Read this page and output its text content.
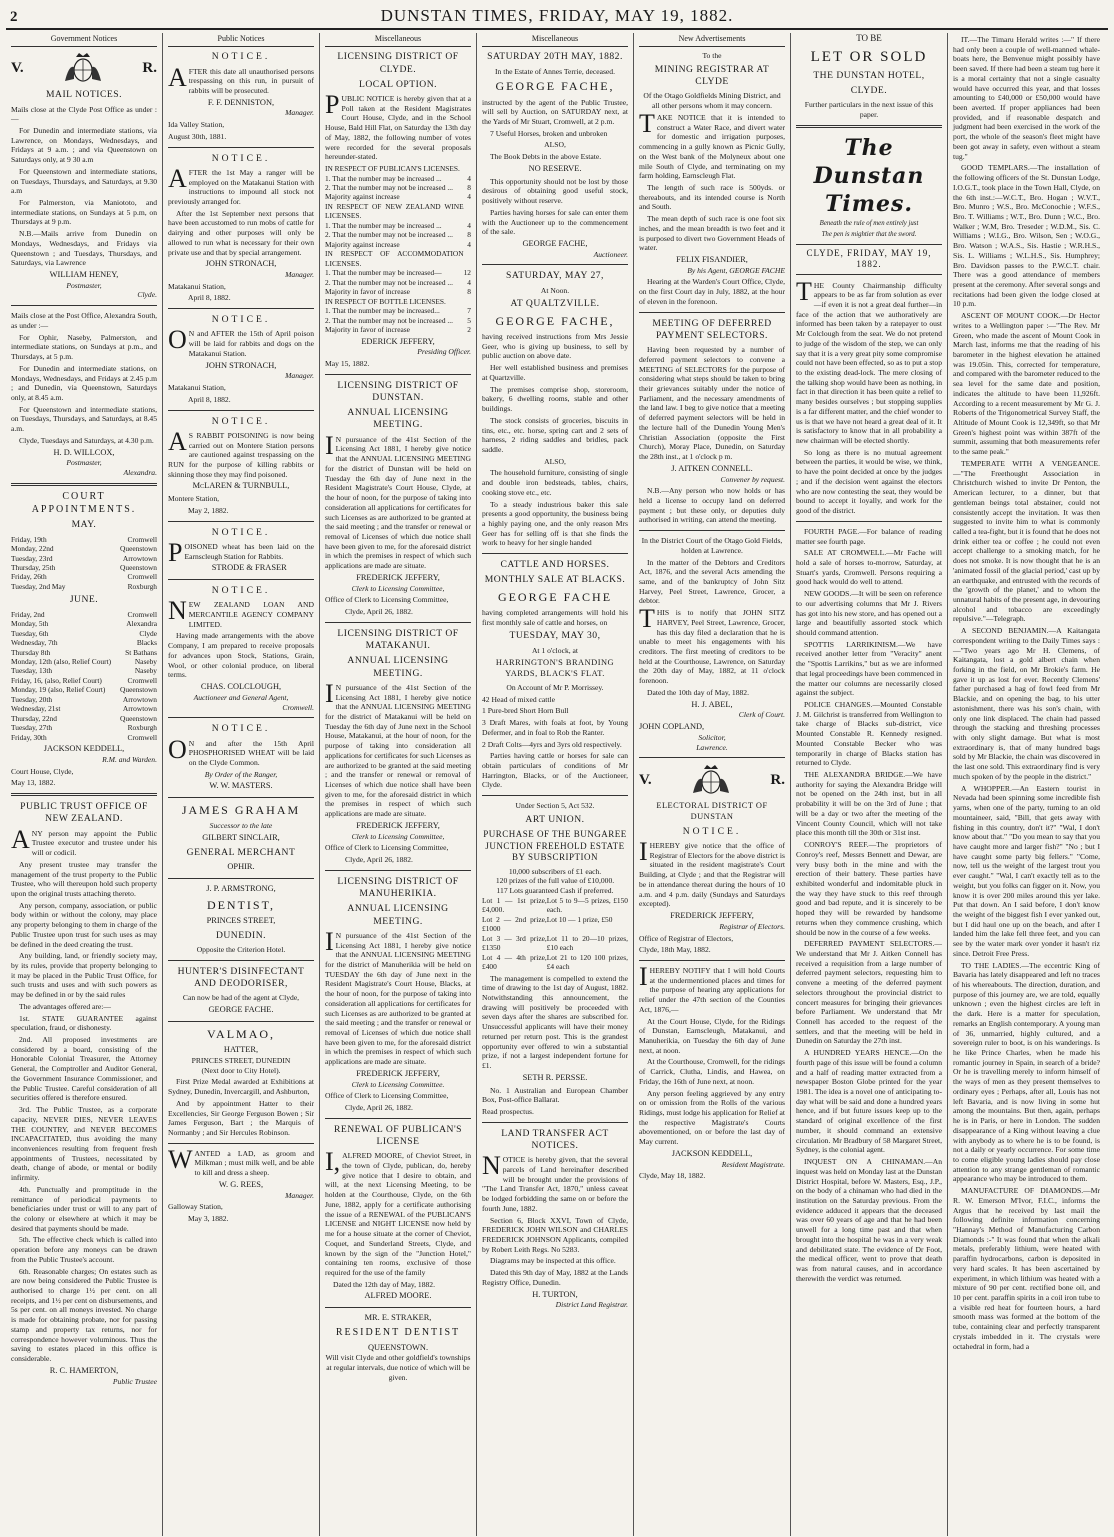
2	DUNSTAN TIMES, FRIDAY, MAY 19, 1882.
Government Notices
V.	R.
MAIL NOTICES.

Mails close at the Clyde Post Office as under :—

For Dunedin and intermediate stations, via Lawrence, on Mondays, Wednesdays, and Fridays at 9 a.m. ; and via Queenstown on Saturdays only, at 9 30 a.m

For Queenstown and intermediate stations, on Tuesdays, Thursdays, and Saturdays, at 9.30 a.m

For Palmerston, via Maniototo, and intermediate stations, on Sundays at 5 p.m, on Thursdays at 9 p.m.

N.B.—Mails arrive from Dunedin on Mondays, Wednesdays, and Fridays via Queenstown ; and Tuesdays, Thursdays, and Saturdays, via Lawrence

WILLIAM HENEY,
Postmaster,
Clyde.

Mails close at the Post Office, Alexandra South, as under :—

For Ophir, Naseby, Palmerston, and intermediate stations, on Sundays at p.m., and Thursdays, at 5 p.m.

For Dunedin and intermediate stations, on Mondays, Wednesdays, and Fridays at 2.45 p.m ; and Dunedin, via Queenstown, Saturdays only, at 8.45 a.m.

For Queenstown and intermediate stations, on Tuesdays, Thursdays, and Saturdays, at 8.45 a.m.

Clyde, Tuesdays and Saturdays, at 4.30 p.m.

H. D. WILLCOX,
Postmaster,
Alexandra.
COURT APPOINTMENTS.
MAY.
Friday, 19th	Cromwell
Monday, 22nd	Queenstown
Tuesday, 23rd	Arrowtown
Thursday, 25th	Queenstown
Friday, 26th	Cromwell
Tuesday, 2nd May	Roxburgh
JUNE.
Friday, 2nd	Cromwell
Monday, 5th	Alexandra
Tuesday, 6th	Clyde
Wednesday, 7th	Blacks
Thursday 8th	St Bathans
Monday, 12th (also, Relief Court)	Naseby
Tuesday, 13th	Naseby
Friday, 16, (also, Relief Court)	Cromwell
Monday, 19 (also, Relief Court)	Queenstown
Tuesday, 20th	Arrowtown
Wednesday, 21st	Arrowtown
Thursday, 22nd	Queenstown
Tuesday, 27th	Roxburgh
Friday, 30th	Cromwell
JACKSON KEDDELL,
R.M. and Warden.

Court House, Clyde,

May 13, 1882.

PUBLIC TRUST OFFICE OF NEW ZEALAND.

ANY person may appoint the Public Trustee executor and trustee under his will or codicil.

Any present trustee may transfer the management of the trust property to the Public Trustee, who will thereupon hold such property upon the original trusts attaching thereto.

Any person, company, association, or public body within or without the colony, may place any property belonging to them in charge of the Public Trustee upon trust for such uses as may be defined in the deed creating the trust.

Any building, land, or friendly society may, by its rules, provide that property belonging to it may be placed in the Public Trust Office, for such trusts and uses and with such powers as may be defined in or by the said rules

The advantages offered are:—

1st. STATE GUARANTEE against speculation, fraud, or dishonesty.

2nd. All proposed investments are considered by a board, consisting of the Honorable Colonial Treasurer, the Attorney General, the Comptroller and Auditor General, the Government Insurance Commissioner, and the Public Trustee. Careful consideration of all securities offered is therefore ensured.

3rd. The Public Trustee, as a corporate capacity, NEVER DIES, NEVER LEAVES THE COUNTRY, and NEVER BECOMES INCAPACITATED, thus avoiding the many inconveniences resulting from frequent fresh appointments of Trustees, necessitated by death, change of abode, or mental or bodily infirmity.

4th. Punctually and promptitude in the remittance of periodical payments to beneficiaries under trust or will to any part of the colony or elsewhere at which it may be desired that payments should be made.

5th. The effective check which is called into operation before any moneys can be drawn from the Public Trustee's account.

6th. Reasonable charges; On estates such as are now being considered the Public Trustee is authorised to charge 1½ per cent. on all receipts, and 1½ per cent on disbursements, and 5s per cent. on all moneys invested. No charge is made for obtaining probate, nor for passing stamp and property tax returns, nor for correspondence however voluminous. Thus the saving to estates placed in this office is considerable.

R. C. HAMERTON,
Public Trustee
Public Notices
NOTICE.

AFTER this date all unauthorised persons trespassing on this run, in pursuit of rabbits will be prosecuted.

F. F. DENNISTON,
Manager.

Ida Valley Station,

August 30th, 1881.

NOTICE.

AFTER the 1st May a ranger will be employed on the Matakanui Station with instructions to impound all stock not previously arranged for.

After the 1st September next persons that have been accustomed to run mobs of cattle for dairying and other purposes will only be allowed to run what is necessary for their own private use and that by special arrangement.

JOHN STRONACH,
Manager.

Matakanui Station,

April 8, 1882.

NOTICE.

ON and AFTER the 15th of April poison will be laid for rabbits and dogs on the Matakanui Station.

JOHN STRONACH,
Manager.

Matakanui Station,

April 8, 1882.

NOTICE.

AS RABBIT POISONING is now being carried out on Montere Station persons are cautioned against trespassing on the RUN for the purpose of killing rabbits or skinning those they may find poisoned.

McLAREN & TURNBULL,

Montere Station,

May 2, 1882.

NOTICE.

POISONED wheat has been laid on the Earnscleugh Station for Rabbits.

STRODE & FRASER
NOTICE.

NEW ZEALAND LOAN AND MERCANTILE AGENCY COMPANY LIMITED.

Having made arrangements with the above Company, I am prepared to receive proposals for advances upon Stock, Stations, Grain, Wool, or other colonial produce, on liberal terms.

CHAS. COLCLOUGH,
Auctioneer and General Agent,
Cromwell.
NOTICE.

ON and after the 15th April PHOSPHORISED WHEAT will be laid on the Clyde Common.

By Order of the Ranger,
W. W. MASTERS.
JAMES GRAHAM
Successor to the late
GILBERT SINCLAIR,
GENERAL MERCHANT
OPHIR.
J. P. ARMSTRONG,
DENTIST,
PRINCES STREET,
DUNEDIN.
Opposite the Criterion Hotel.
HUNTER'S DISINFECTANT AND DEODORISER,
Can now be had of the agent at Clyde,
GEORGE FACHE.
VALMAO,
HATTER,
PRINCES STREET, DUNEDIN
(Next door to City Hotel).

First Prize Medal awarded at Exhibitions at Sydney, Dunedin, Invercargill, and Ashburton,

And by appointment Hatter to their Excellencies, Sir George Ferguson Bowen ; Sir James Ferguson, Bart ; the Marquis of Normanby ; and Sir Hercules Robinson.

WANTED a LAD, as groom and Milkman ; must milk well, and be able to kill and dress a sheep.

W. G. REES,
Manager.

Galloway Station,

May 3, 1882.

Miscellaneous
LICENSING DISTRICT OF CLYDE.
LOCAL OPTION.

PUBLIC NOTICE is hereby given that at a Poll taken at the Resident Magistrates Court House, Clyde, and in the School House, Bald Hill Flat, on Saturday the 13th day of May, 1882, the following number of votes were recorded for the several proposals hereunder-stated.

IN RESPECT OF PUBLICAN'S LICENSES.	
1. That the number may be increased ...	4
2. That the number may not be increased ...	8
Majority against increase	4
IN RESPECT OF NEW ZEALAND WINE LICENSES.	
1. That the number may be increased ...	4
2. That the number may not be increased ...	8
Majority against increase	4
IN RESPECT OF ACCOMMODATION LICENSES.	
1. That the number may be increased—	12
2. That the number may not be increased ...	4
Majority in favor of increase	8
IN RESPECT OF BOTTLE LICENSES.	
1. That the number may be increased...	7
2. That the number may not be increased ...	5
Majority in favor of increase	2
EDERICK JEFFERY,
Presiding Officer.

May 15, 1882.

LICENSING DISTRICT OF DUNSTAN.
ANNUAL LICENSING MEETING.

IN pursuance of the 41st Section of the Licensing Act 1881, I hereby give notice that the ANNUAL LICENSING MEETING for the district of Dunstan will be held on Tuesday the 6th day of June next in the Resident Magistrate's Court House, Clyde, at the hour of noon, for the purpose of taking into consideration all applications for certificates for such Licenses as are authorized to be granted at the said meeting ; and the transfer or renewal or removal of Licenses of which due notice shall have been given to me, for the aforesaid district in which the premises in respect of which such applications are made are situate.

FREDERICK JEFFERY,
Clerk to Licensing Committee,

Office of Clerk to Licensing Committee,

Clyde, April 26, 1882.

LICENSING DISTRICT OF MATAKANUI.
ANNUAL LICENSING MEETING.

IN pursuance of the 41st Section of the Licensing Act 1881, I hereby give notice that the ANNUAL LICENSING MEETING for the district of Matakanui will be held on Tuesday the 6th day of June next in the School House, Matakanui, at the hour of noon, for the purpose of taking into consideration all applications for certificates for such Licenses as are authorized to be granted at the said meeting ; and the transfer or renewal or removal of Licenses of which due notice shall have been given to me, for the aforesaid district in which the premises in respect of which such applications are made are situate.

FREDERICK JEFFERY,
Clerk to Licensing Committee,

Office of Clerk to Licensing Committee,

Clyde, April 26, 1882.

LICENSING DISTRICT OF MANUHERIKIA.
ANNUAL LICENSING MEETING.

IN pursuance of the 41st Section of the Licensing Act 1881, I hereby give notice that the ANNUAL LICENSING MEETING for the district of Manuherikia will be held on TUESDAY the 6th day of June next in the Resident Magistrate's Court House, Blacks, at the hour of noon, for the purpose of taking into consideration all applications for certificates for such Licenses as are authorized to be granted at the said meeting ; and the transfer or renewal or removal of Licenses of which due notice shall have been given to me, for the aforesaid district in which the premises in respect of which such applications are made are situate.

FREDERICK JEFFERY,
Clerk to Licensing Committee.

Office of Clerk to Licensing Committee,

Clyde, April 26, 1882.

RENEWAL OF PUBLICAN'S LICENSE

I,ALFRED MOORE, of Cheviot Street, in the town of Clyde, publican, do, hereby give notice that I desire to obtain, and will, at the next Licensing Meeting, to be holden at the Courthouse, Clyde, on the 6th June, 1882, apply for a certificate authorising the issue of a RENEWAL of the PUBLICAN'S LICENSE and NIGHT LICENSE now held by me for a house situate at the corner of Cheviot, Coquet, and Sunderland Streets, Clyde, and known by the sign of the "Junction Hotel," containing ten rooms, exclusive of those required for the use of the family

Dated the 12th day of May, 1882.

ALFRED MOORE.
MR. E. STRAKER,
RESIDENT DENTIST
QUEENSTOWN.
Will visit Clyde and other goldfield's townships at regular intervals, due notice of which will be given.
Miscellaneous
SATURDAY 20TH MAY, 1882.
In the Estate of Annes Terrie, deceased.
GEORGE FACHE,

instructed by the agent of the Public Trustee, will sell by Auction, on SATURDAY next, at the Yards of Mr Stuart, Cromwell, at 2 p.m.

7 Useful Horses, broken and unbroken

ALSO,

The Book Debts in the above Estate.

NO RESERVE.

This opportunity should not be lost by those desirous of obtaining good useful stock, positively without reserve.

Parties having horses for sale can enter them with the Auctioneer up to the commencement of the sale.

GEORGE FACHE,
Auctioneer.
SATURDAY, MAY 27,
At Noon.
AT QUALTZVILLE.
GEORGE FACHE,

having received instructions from Mrs Jessie Geer, who is giving up business, to sell by public auction on above date.

Her well established business and premises at Quartzville.

The premises comprise shop, storeroom, bakery, 6 dwelling rooms, stable and other buildings.

The stock consists of groceries, biscuits in tins, etc., etc. horse, spring cart and 2 sets of harness, 2 riding saddles and bridles, pack saddle.

ALSO,

The household furniture, consisting of single and double iron bedsteads, tables, chairs, cooking stove etc., etc.

To a steady industrious baker this sale presents a good opportunity, the business being a highly paying one, and the only reason Mrs Geer has for selling off is that she finds the work to heavy for her single handed

CATTLE AND HORSES.
MONTHLY SALE AT BLACKS.
GEORGE FACHE

having completed arrangements will hold his first monthly sale of cattle and horses, on

TUESDAY, MAY 30,
At 1 o'clock, at
HARRINGTON'S BRANDING YARDS, BLACK'S FLAT.
On Account of Mr P. Morrissey.

42 Head of mixed cattle

1 Pure-bred Short Horn Bull

3 Draft Mares, with foals at foot, by Young Defermer, and in foal to Rob the Ranter.

2 Draft Colts—4yrs and 3yrs old respectively.

Parties having cattle or horses for sale can obtain particulars of conditions of Mr Harrington, Blacks, or of the Auctioneer, Clyde.

Under Section 5, Act 532.
ART UNION.
PURCHASE OF THE BUNGAREE JUNCTION FREEHOLD ESTATE BY SUBSCRIPTION
10,000 subscribers of £1 each.
120 prizes of the full value of £10,000.
117 Lots guaranteed Cash if preferred.
Lot 1 — 1st prize, £4,000.	Lot 5 to 9—5 prizes, £150 each.
Lot 2 — 2nd prize, £1000	Lot 10 — 1 prize, £50
Lot 3 — 3rd prize, £1350	Lot 11 to 20—10 prizes, £10 each
Lot 4 — 4th prize, £400	Lot 21 to 120 100 prizes, £4 each

The management is compelled to extend the time of drawing to the 1st day of August, 1882. Notwithstanding this announcement, the drawing will positively be proceeded with seven days after the shares are subscribed for. Unsuccessful applicants will have their money returned per return post. This is the grandest opportunity ever offered to win a substantial prize, if not a largest independent fortune for £1.

SETH R. PERSSE.

No. 1 Australian and European Chamber Box, Post-office Ballarat.

Read prospectus.

LAND TRANSFER ACT NOTICES.

NOTICE is hereby given, that the several parcels of Land hereinafter described will be brought under the provisions of "The Land Transfer Act, 1870," unless caveat be lodged forbidding the same on or before the fourth June, 1882.

Section 6, Block XXVI, Town of Clyde, FREDERICK JOHN WILSON and CHARLES FREDERICK JOHNSON Applicants, compiled by Robert Leith Regs. No 5283.

Diagrams may be inspected at this office.

Dated this 9th day of May, 1882 at the Lands Registry Office, Dunedin.

H. TURTON,
District Land Registrar.
New Advertisements
To the
MINING REGISTRAR AT CLYDE
Of the Otago Goldfields Mining District, and all other persons whom it may concern.

TAKE NOTICE that it is intended to construct a Water Race, and divert water for domestic and irrigation purposes, commencing in a gully known as Picnic Gully, on the West bank of the Molyneux about one mile South of Clyde, and terminating on my farm holding, Earnscleugh Flat.

The length of such race is 500yds. or thereabouts, and its intended course is North and South.

The mean depth of such race is one foot six inches, and the mean breadth is two feet and it is purposed to divert two Government Heads of water.

FELIX FISANDIER,
By his Agent, GEORGE FACHE

Hearing at the Warden's Court Office, Clyde, on the first Court day in July, 1882, at the hour of eleven in the forenoon.

MEETING OF DEFERRED PAYMENT SELECTORS.

Having been requested by a number of deferred payment selectors to convene a MEETING of SELECTORS for the purpose of considering what steps should be taken to bring their grievances suitably under the notice of Parliament, and the necessary amendments of the land law. I beg to give notice that a meeting of deferred payment selectors will be held in the lecture hall of the Dunedin Young Men's Christian Association (opposite the First Church), Moray Place, Dunedin, on Saturday the 28th inst., at 1 o'clock p m.

J. AITKEN CONNELL.
Convener by request.

N.B.—Any person who now holds or has held a license to occupy land on deferred payment ; but these only, or deputies duly authorised in writing, can attend the meeting.

In the District Court of the Otago Gold Fields, holden at Lawrence.

In the matter of the Debtors and Creditors Act, 1876, and the several Acts amending the same, and of the bankruptcy of John Sitz Harvey, Peel Street, Lawrence, Grocer, a debtor.

THIS is to notify that JOHN SITZ HARVEY, Peel Street, Lawrence, Grocer, has this day filed a declaration that he is unable to meet his engagements with his creditors. The first meeting of creditors to be held at the Courthouse, Lawrence, on Saturday the 20th day of May, 1882, at 11 o'clock forenoon.

Dated the 10th day of May, 1882.

H. J. ABEL,
Clerk of Court.
JOHN COPLAND,
Solicitor,
Lawrence.
V.	R.
ELECTORAL DISTRICT OF DUNSTAN
NOTICE.

IHEREBY give notice that the office of Registrar of Electors for the above district is situated in the resident magistrate's Court Building, at Clyde ; and that the Registrar will be in attendance thereat during the hours of 10 a.m. and 4 p.m. daily (Sundays and Saturdays excepted).

FREDERICK JEFFERY,
Registrar of Electors.

Office of Registrar of Electors,

Clyde, 18th May, 1882.

IHEREBY NOTIFY that I will hold Courts at the undermentioned places and times for the purpose of hearing any applications for relief under the 47th section of the Counties Act, 1876,—

At the Court House, Clyde, for the Ridings of Dunstan, Earnscleugh, Matakanui, and Manuherikia, on Tuesday the 6th day of June next, at noon.

At the Courthouse, Cromwell, for the ridings of Carrick, Clutha, Lindis, and Hawea, on Friday, the 16th of June next, at noon.

Any person feeling aggrieved by any entry on or omission from the Rolls of the various Ridings, must lodge his application for Relief at the respective Magistrate's Courts abovementioned, on or before the last day of May current.

JACKSON KEDDELL,
Resident Magistrate.

Clyde, May 18, 1882.

TO BE
LET OR SOLD
THE DUNSTAN HOTEL,
CLYDE.
Further particulars in the next issue of this paper.
The Dunstan Times.
Beneath the rule of men entirely just
The pen is mightier that the sword.
CLYDE, FRIDAY, MAY 19, 1882.

THE County Chairmanship difficulty appears to be as far from solution as ever—if even it is not a great deal further—in face of the action that we authoratively are informed has been taken by a ratepayer to oust Mr Colclough from the seat. We do not pretend to judge of the wisdom of the step, we can only say that it is a very great pity some compromise could not have been effected, so as to put a stop to the existing dead-lock. The mere closing of the talking shop would have been as nothing, in fact in that direction it has been quite a relief to many besides ourselves ; but stopping supplies is a far different matter, and the chief wonder to us is that we have not heard a great deal of it. It is satisfactory to know that in all probability a new chairman will be elected shortly.

So long as there is no mutual agreement between the parties, it would be wise, we think, to have the point decided at once by the judges ; and if the decision went against the electors who are now contesting the seat, they would be bound to accept it loyally, and work for the good of the district.

FOURTH PAGE.—For balance of reading matter see fourth page.

SALE AT CROMWELL.—Mr Fache will hold a sale of horses to-morrow, Saturday, at Stuart's yards, Cromwell. Persons requiring a good hack would do well to attend.

NEW GOODS.—It will be seen on reference to our advertising columns that Mr J. Rivers has got into his new store, and has opened out a large and beautifully assorted stock which should command attention.

SPOTTIS LARRIKINISM.—We have received another letter from "Veracity" anent the "Spottis Larrikins," but as we are informed that legal proceedings have been commenced in the matter our columns are necessarily closed against the subject.

POLICE CHANGES.—Mounted Constable J. M. Gilchrist is transferred from Wellington to take charge of Blacks sub-district, vice Mounted Constable R. Kennedy resigned. Mounted Constable Becker who was temporarily in charge of Blacks station has returned to Clyde.

THE ALEXANDRA BRIDGE.—We have authority for saying the Alexandra Bridge will not be opened on the 24th inst, but in all probability it will be on the 3rd of June ; that will be a day or two after the meeting of the Vincent County Council, which will not take place this month till the 30th or 31st inst.

CONROY'S REEF.—The proprietors of Conroy's reef, Messrs Bennett and Dewar, are very busy both in the mine and with the erection of their battery. These parties have exhibited wonderful and indomitable pluck in the way they have stuck to this reef through good and bad repute, and it is sincerely to be hoped they will be rewarded by handsome returns when they commence crushing, which should be now in the course of a few weeks.

DEFERRED PAYMENT SELECTORS.—We understand that Mr J. Aitken Connell has received a requisition from a large number of deferred payment selectors, requesting him to convene a meeting of the deferred payment selectors throughout the provincial district to concert measures for bringing their grievances before Parliament. We understand that Mr Connell has acceded to the request of the settlers, and that the meeting will be held in Dunedin on Saturday the 27th inst.

A HUNDRED YEARS HENCE.—On the fourth page of this issue will be found a column and a half of reading matter extracted from a newspaper Boston Globe printed for the year 1981. The idea is a novel one of anticipating to-day what will be said and done a hundred years hence, and if but future issues keep up to the standard of original excellence of the first number, it should command an extensive circulation. Mr Bradbury of 58 Margaret Street, Sydney, is the colonial agent.

INQUEST ON A CHINAMAN.—An inquest was held on Monday last at the Dunstan District Hospital, before W. Masters, Esq., J.P., on the body of a chinaman who had died in the institution on the Saturday previous. From the evidence adduced it appears that the deceased was over 60 years of age and that he had been unwell for a long time past and that when brought into the hospital he was in a very weak and debilitated state. The evidence of Dr Foot, the medical officer, went to prove that death was from natural causes, and in accordance therewith the verdict was returned.

IT.—The Timaru Herald writes :—" If there had only been a couple of well-manned whale-boats here, the Benvenue might possibly have been saved. If there had been a steam tug here it is a moral certainty that not a single casualty would have occurred this year, and that losses amounting to £40,000 or £50,000 would have been averted. If proper appliances had been provided, and if reasonable despatch and judgment had been exercised in the work of the port, the whole of the season's fleet might have been got away in safety, even without a steam tug."

GOOD TEMPLARS.—The installation of the following officers of the St. Dunstan Lodge, I.O.G.T., took place in the Town Hall, Clyde, on the 6th inst.:—W.C.T., Bro. Hogan ; W.V.T., Bro. Munro ; W.S., Bro. McConochie ; W.F.S., Bro. T. Williams ; W.T., Bro. Dunn ; W.C., Bro. Walker ; W.M, Bro. Treseder ; W.D.M., Sis. C. Williams ; W.I.G., Bro. Wilson, Sen ; W.O.G., Bro. Watson ; W.A.S., Sis. Hastie ; W.R.H.S., Sis. L. Williams ; W.L.H.S., Sis. Humphrey; Bro. Davidson passes to the P.W.C.T. chair. There was a good attendance of members present at the ceremony. After several songs and recitations had been given the lodge closed at 10 p.m.

ASCENT OF MOUNT COOK.—Dr Hector writes to a Wellington paper :—"The Rev. Mr Green, who made the ascent of Mount Cook in March last, informs me that the reading of his barometer in the highest elevation he attained was 19.05in. This, corrected for temperature, and compared with the barometer reduced to the sea level for the same date and position, indicates the altitude to have been 11,926ft. According to a recent measurement by Mr G. J. Roberts of the Trigonometrical Survey Staff, the Altitude of Mount Cook is 12,349ft, so that Mr Green's highest point was within 387ft of the summit, assuming that both measurements refer to the same peak."

TEMPERATE WITH A VENGEANCE.—"The Freethought Association in Christchurch wished to invite Dr Penton, the American lecturer, to a dinner, but that gentleman beings total abstainer, could not consistently accept the invitation. It was then suggested to invite him to what is commonly called a tea-fight, but it is found that he does not drink either tea or coffee ; he could not even accept challenge to a smoking match, for he does not smoke. It is now thought that he is an 'animated fossil of the glacial period,' cast up by an earthquake, and entrusted with the records of the 'growth of the planet,' and to whom the unnatural habits of the present age, in devouring alcohol and tobacco are exceedingly repulsive."—Telegraph.

A SECOND BENJAMIN.—A Kaitangata correspondent writing to the Daily Times says :—"Two years ago Mr H. Clemens, of Kaitangata, lost a gold albert chain when forking in the field, on Mr Brokie's farm. He gave it up as lost for ever. Recently Clemens' father purchased a hag of fowl feed from Mr Blackie, and on opening the bag, to his utter astonishment, there was his son's chain, with only one link displaced. The chain had passed through the stacking and threshing processes with only slight damage. But what is most extraordinary is, that of many hundred bags sold by Mr Blackie, the chain was discovered in the last one sold. This extraordinary find is very much spoken of by the people in the district."

A WHOPPER.—An Eastern tourist in Nevada had been spinning some incredible fish yarns, when one of the party, turning to an old mountaineer, said, "Bill, that gets away with fishing in this country, don't it?" "Wal, I don't know about that." "Do you mean to say that you have caught more and larger fish?" "No ; but I have caught some party big fellers." "Come, now, tell us the weight of the largest trout you ever caught." "Wal, I can't exactly tell as to the weight, but you folks can figger on it. Now, you know it is over 200 miles around this yer lake. Put that down. An I said before, I don't know the weight of the biggest fish I ever yanked out, but I did haul one up on the beach, and after I landed him the lake fell three feet, and you can see by the water mark over yonder it hasn't riz since. Detroit Free Press.

TO THE LADIES.—The eccentric King of Bavaria has lately disappeared and left no traces of his whereabouts. The direction, duration, and purpose of this journey are, we are told, equally unknown ; even the highest circles are left in the dark. Here is a matter for speculation, remarks an English contemporary. A young man of 36, unmarried, highly cultured, and a sovereign ruler to boot, is on his wanderings. Is he like Prince Charles, when he made his romantic journey in Spain, in search of a bride? Or he is travelling merely to inform himself of the ways of men as they present themselves to ordinary eyes ; Perhaps, after all, Louis has not left Bavaria, and is now living in some hut among the mountains. But then, again, perhaps he is in Paris, or here in London. The sudden disappearance of a King without leaving a clue with anybody as to where he is to be found, is not a daily or yearly occurrence. For some time to come eligible young ladies should pay close attention to any strange gentleman of romantic appearance who may be introduced to them.

MANUFACTURE OF DIAMONDS.—Mr R. W. Emerson M'Ivor, F.I.C., informs the Argus that he received by last mail the following definite information concerning "Hannay's Method of Manufacturing Carbon Diamonds :-" It was found that when the alkali metals, preferably lithium, were heated with paraffin hydrocarbons, carbon is deposited in very hard scales. It has been ascertained by experiment, in which lithium was heated with a mixture of 90 per cent. rectified bone oil, and 10 per cent. paraffin spirits in a coil iron tube to a visible red heat for fourteen hours, a hard smooth mass was formed at the bottom of the tube, containing clear and perfectly transparent crystals imbedded in it. The crystals were octahedral in form, had a
